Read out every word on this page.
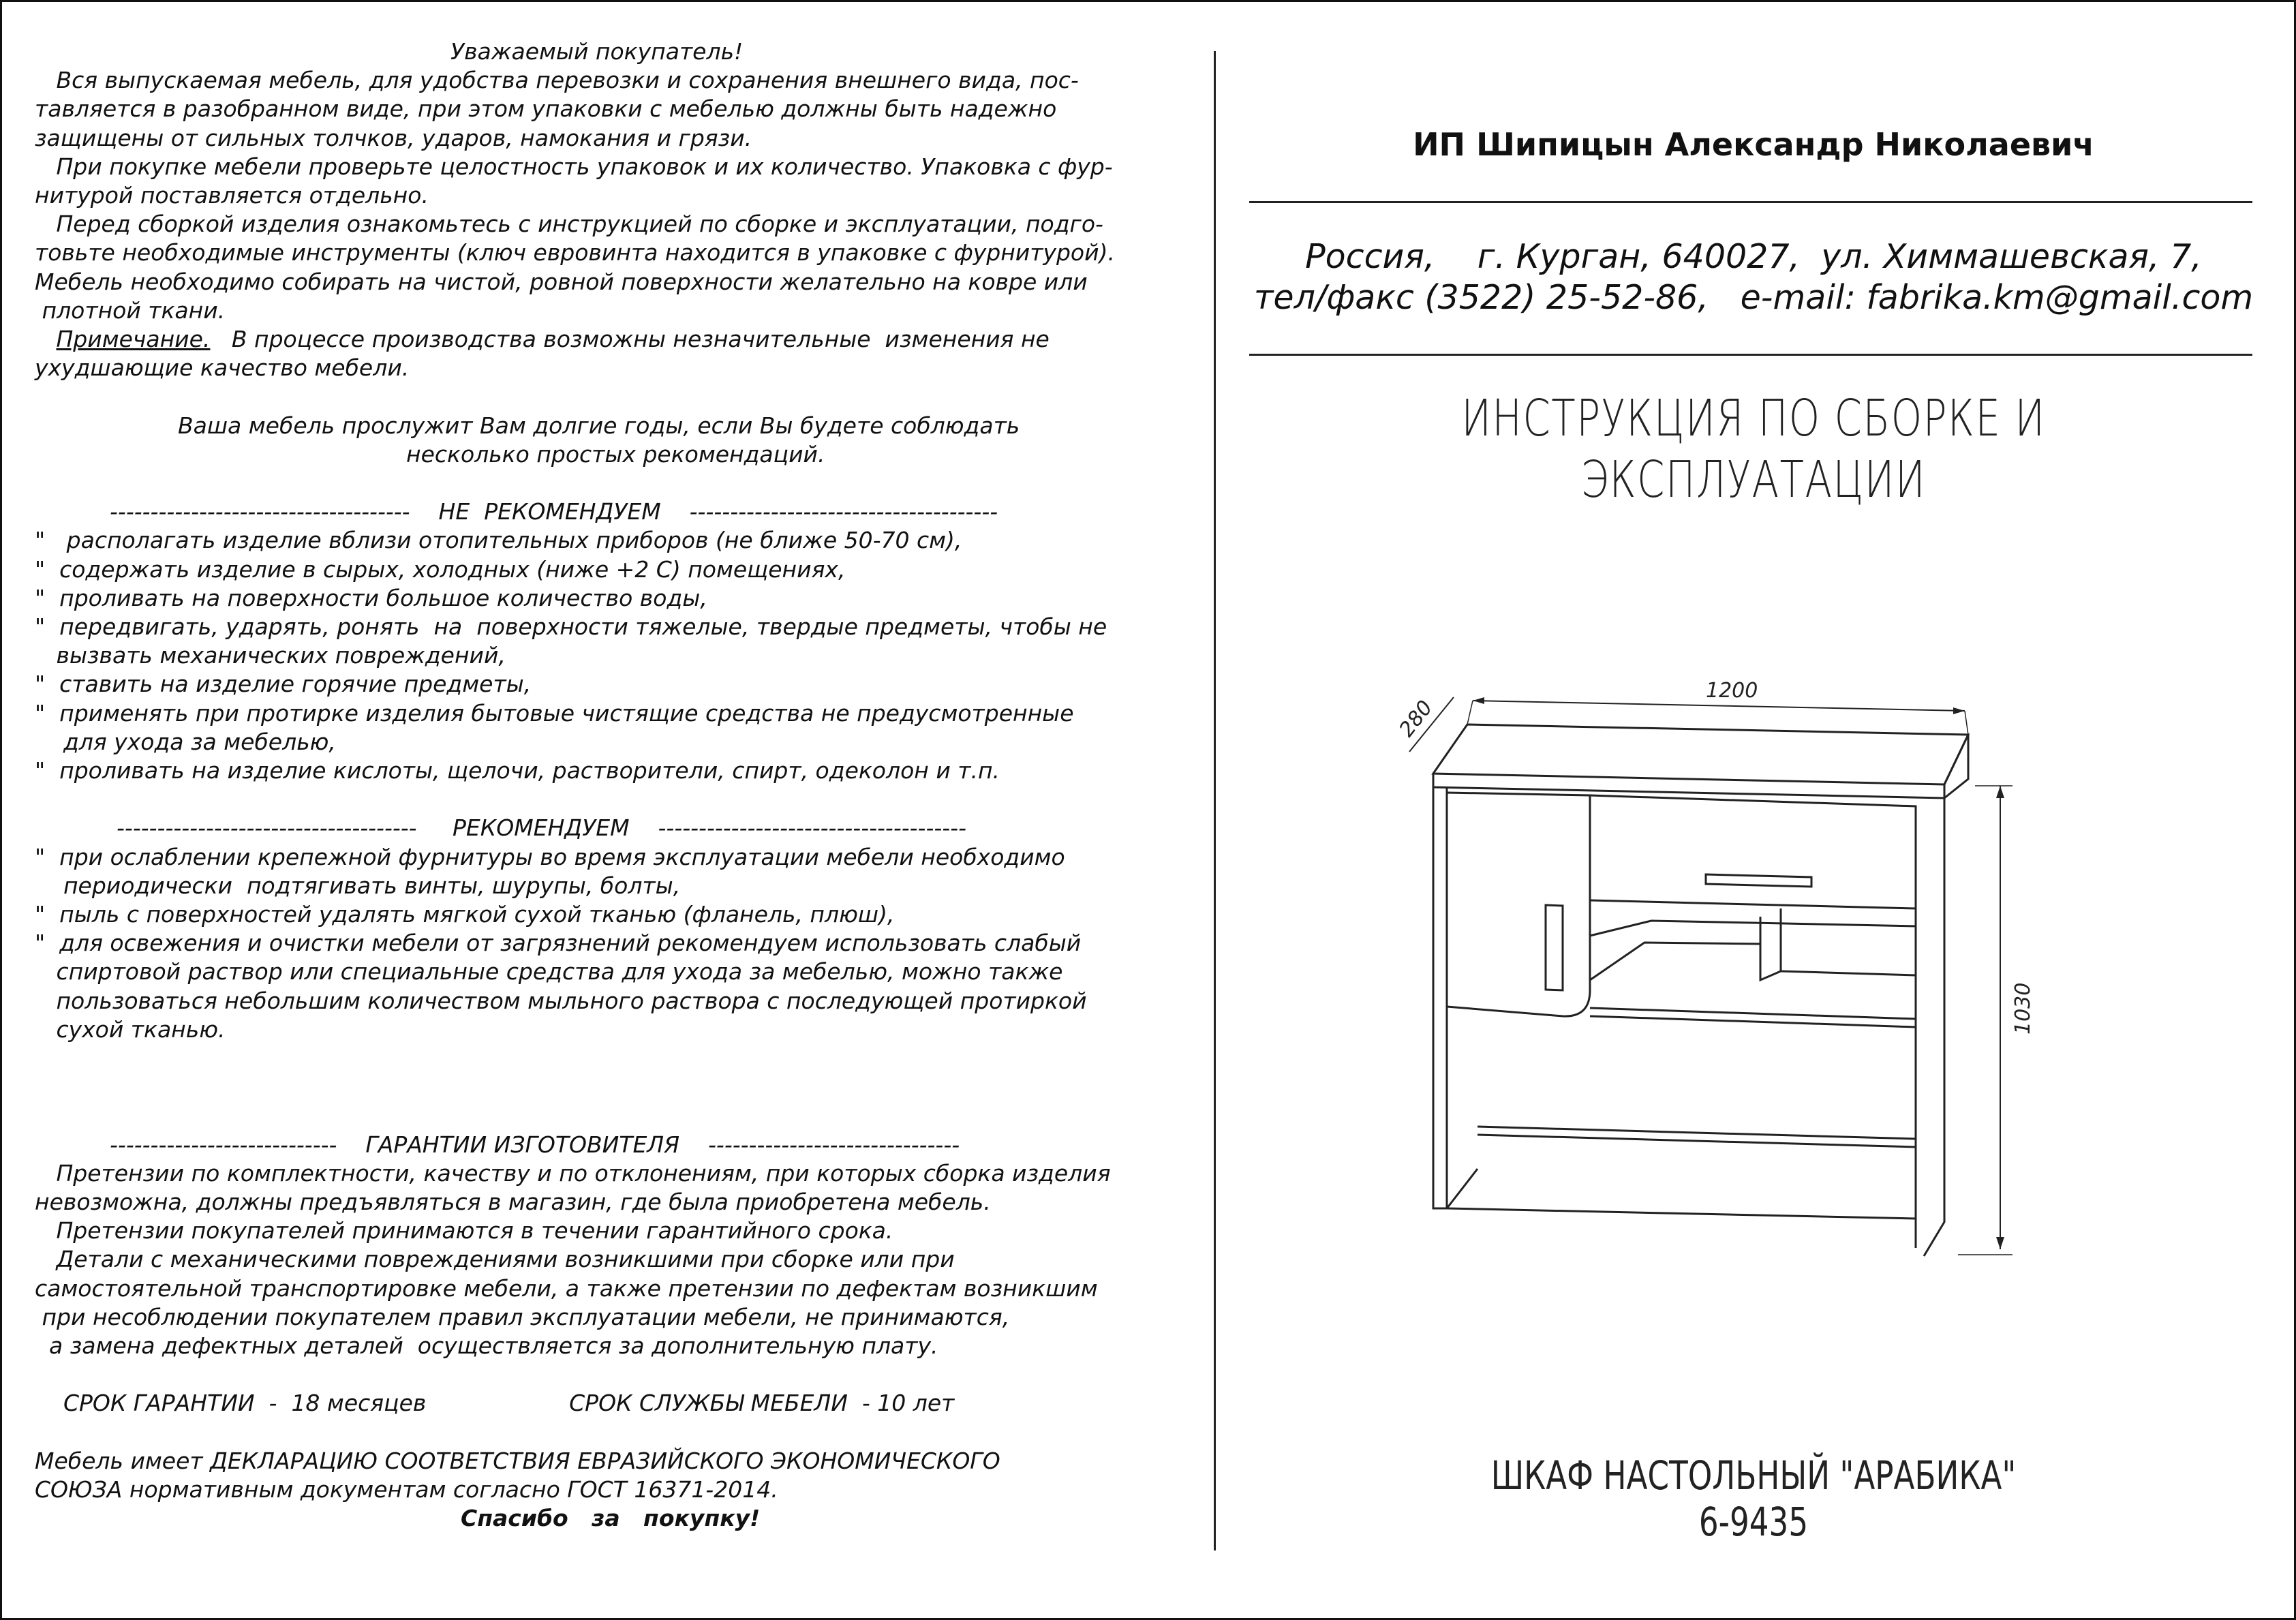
Уважаемый покупатель!
Вся выпускаемая мебель, для удобства перевозки и сохранения внешнего вида, пос-
тавляется в разобранном виде, при этом упаковки с мебелью должны быть надежно
защищены от сильных толчков, ударов, намокания и грязи.
При покупке мебели проверьте целостность упаковок и их количество. Упаковка с фур-
нитурой поставляется отдельно.
Перед сборкой изделия ознакомьтесь с инструкцией по сборке и эксплуатации, подго-
товьте необходимые инструменты (ключ евровинта находится в упаковке с фурнитурой).
Мебель необходимо собирать на чистой, ровной поверхности желательно на ковре или
плотной ткани.
Примечание.   В процессе производства возможны незначительные  изменения не
ухудшающие качество мебели.
Ваша мебель прослужит Вам долгие годы, если Вы будете соблюдать
несколько простых рекомендаций.
-------------------------------------    НЕ  РЕКОМЕНДУЕМ    --------------------------------------
"   располагать изделие вблизи отопительных приборов (не ближе 50-70 см),
"  содержать изделие в сырых, холодных (ниже +2 С) помещениях,
"  проливать на поверхности большое количество воды,
"  передвигать, ударять, ронять  на  поверхности тяжелые, твердые предметы, чтобы не
вызвать механических повреждений,
"  ставить на изделие горячие предметы,
"  применять при протирке изделия бытовые чистящие средства не предусмотренные
для ухода за мебелью,
"  проливать на изделие кислоты, щелочи, растворители, спирт, одеколон и т.п.
-------------------------------------     РЕКОМЕНДУЕМ    --------------------------------------
"  при ослаблении крепежной фурнитуры во время эксплуатации мебели необходимо
периодически  подтягивать винты, шурупы, болты,
"  пыль с поверхностей удалять мягкой сухой тканью (фланель, плюш),
"  для освежения и очистки мебели от загрязнений рекомендуем использовать слабый
спиртовой раствор или специальные средства для ухода за мебелью, можно также
пользоваться небольшим количеством мыльного раствора с последующей протиркой
сухой тканью.
----------------------------    ГАРАНТИИ ИЗГОТОВИТЕЛЯ    -------------------------------
Претензии по комплектности, качеству и по отклонениям, при которых сборка изделия
невозможна, должны предъявляться в магазин, где была приобретена мебель.
Претензии покупателей принимаются в течении гарантийного срока.
Детали с механическими повреждениями возникшими при сборке или при
самостоятельной транспортировке мебели, а также претензии по дефектам возникшим
при несоблюдении покупателем правил эксплуатации мебели, не принимаются,
а замена дефектных деталей  осуществляется за дополнительную плату.
СРОК ГАРАНТИИ  -  18 месяцев                    СРОК СЛУЖБЫ МЕБЕЛИ  - 10 лет
Мебель имеет ДЕКЛАРАЦИЮ СООТВЕТСТВИЯ ЕВРАЗИЙСКОГО ЭКОНОМИЧЕСКОГО
СОЮЗА нормативным документам согласно ГОСТ 16371-2014.
Спасибо   за   покупку!
ИП Шипицын Александр Николаевич
Россия,    г. Курган, 640027,  ул. Химмашевская, 7,
тел/факс (3522) 25-52-86,   e-mail: fabrika.km@gmail.com
ИНСТРУКЦИЯ ПО СБОРКЕ И
ЭКСПЛУАТАЦИИ
1200
280
1030
ШКАФ НАСТОЛЬНЫЙ "АРАБИКА"
6-9435
